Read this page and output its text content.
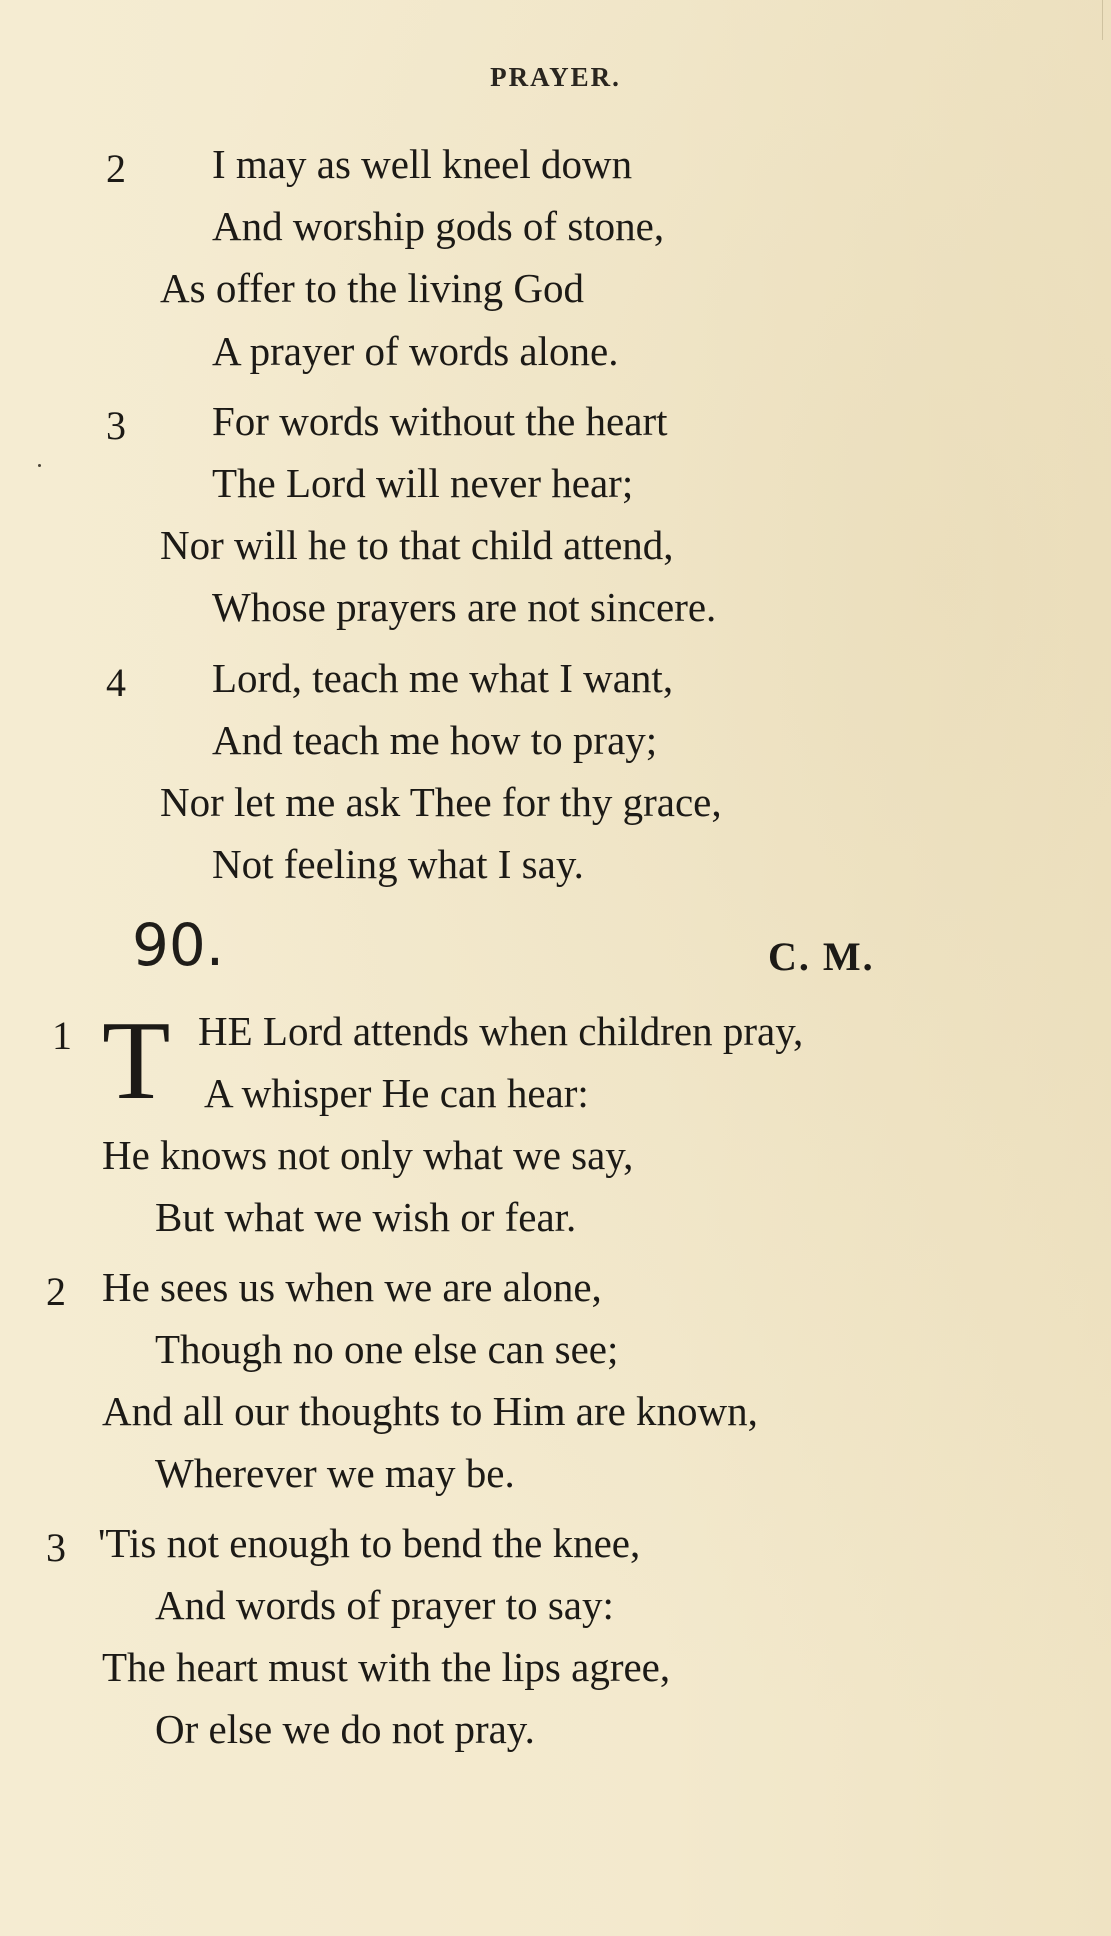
PRAYER.
2 I may as well kneel down
And worship gods of stone,
As offer to the living God
A prayer of words alone.
3 For words without the heart
The Lord will never hear;
Nor will he to that child attend,
Whose prayers are not sincere.
4 Lord, teach me what I want,
And teach me how to pray;
Nor let me ask Thee for thy grace,
Not feeling what I say.
90.	C. M.
1 T HE Lord attends when children pray,
A whisper He can hear:
He knows not only what we say,
But what we wish or fear.
2 He sees us when we are alone,
Though no one else can see;
And all our thoughts to Him are known,
Wherever we may be.
3 'Tis not enough to bend the knee,
And words of prayer to say:
The heart must with the lips agree,
Or else we do not pray.
